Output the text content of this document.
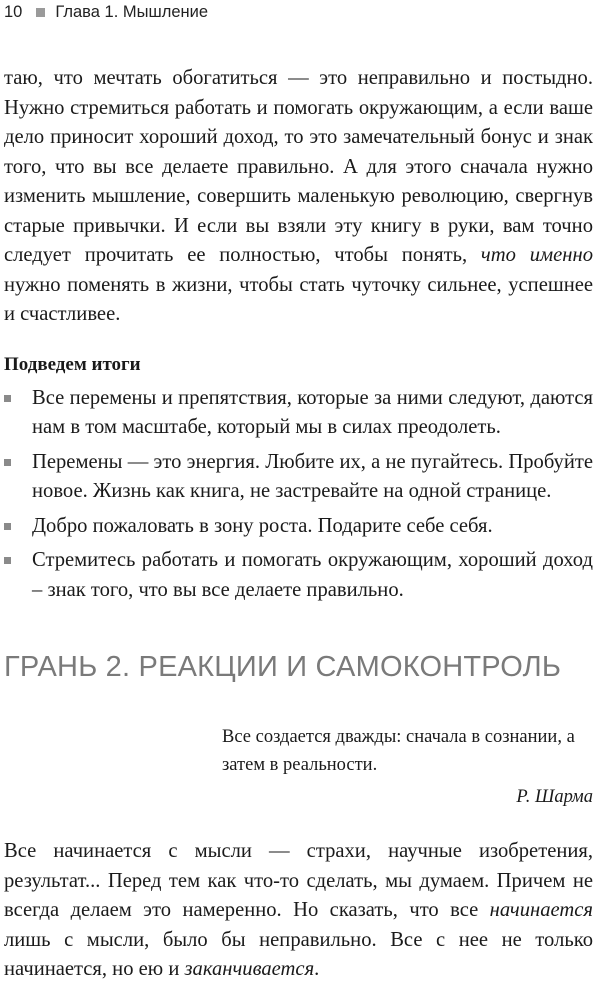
10 Глава 1. Мышление

таю, что мечтать обогатиться — это неправильно и постыдно. Нужно стремиться работать и помогать окружающим, а если ваше дело приносит хороший доход, то это замечательный бонус и знак того, что вы все делаете правильно. А для этого сначала нужно изменить мышление, совершить маленькую революцию, свергнув старые привычки. И если вы взяли эту книгу в руки, вам точно следует прочитать ее полностью, чтобы понять, что именно нужно поменять в жизни, чтобы стать чуточку сильнее, успешнее и счастливее.

Подведем итоги
Все перемены и препятствия, которые за ними следуют, даются нам в том масштабе, который мы в силах преодолеть.
Перемены — это энергия. Любите их, а не пугайтесь. Пробуйте новое. Жизнь как книга, не застревайте на одной странице.
Добро пожаловать в зону роста. Подарите себе себя.
Стремитесь работать и помогать окружающим, хороший доход – знак того, что вы все делаете правильно.
ГРАНЬ 2. РЕАКЦИИ И САМОКОНТРОЛЬ
Все создается дважды: сначала в сознании, а затем в реальности.
Р. Шарма

Все начинается с мысли — страхи, научные изобретения, результат... Перед тем как что-то сделать, мы думаем. Причем не всегда делаем это намеренно. Но сказать, что все начинается лишь с мысли, было бы неправильно. Все с нее не только начинается, но ею и заканчивается.
